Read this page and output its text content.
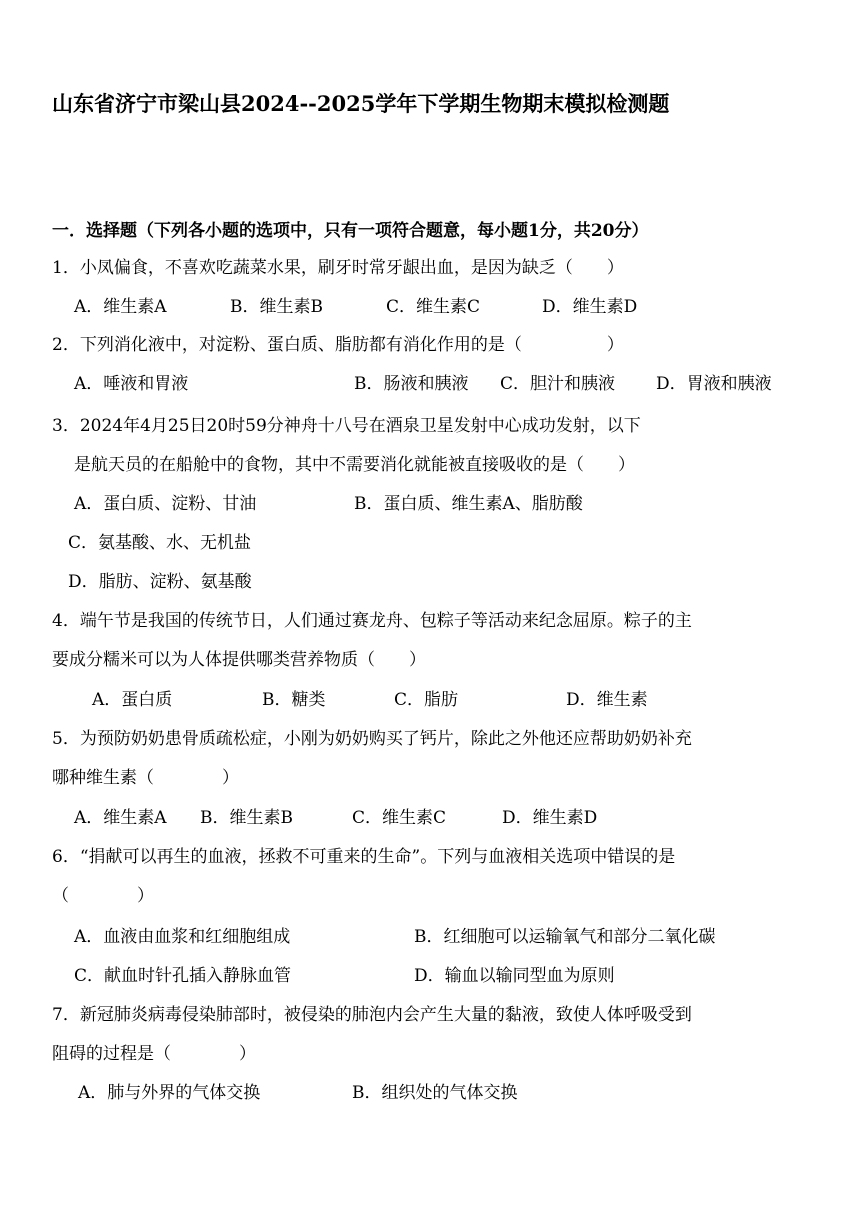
山东省济宁市梁山县2024--2025学年下学期生物期末模拟检测题
一．选择题（下列各小题的选项中，只有一项符合题意，每小题1分，共20分）
1．小凤偏食，不喜欢吃蔬菜水果，刷牙时常牙龈出血，是因为缺乏（　　）
A．维生素A	B．维生素B	C．维生素C	D．维生素D
2．下列消化液中，对淀粉、蛋白质、脂肪都有消化作用的是（　　　　　）
A．唾液和胃液	B．肠液和胰液 C．胆汁和胰液 D．胃液和胰液
3．2024年4月25日20时59分神舟十八号在酒泉卫星发射中心成功发射，以下
是航天员的在船舱中的食物，其中不需要消化就能被直接吸收的是（　　）
A．蛋白质、淀粉、甘油	B．蛋白质、维生素A、脂肪酸
C．氨基酸、水、无机盐
D．脂肪、淀粉、氨基酸
4．端午节是我国的传统节日，人们通过赛龙舟、包粽子等活动来纪念屈原。粽子的主
要成分糯米可以为人体提供哪类营养物质（　　）
A．蛋白质	B．糖类	C．脂肪	D．维生素
5．为预防奶奶患骨质疏松症，小刚为奶奶购买了钙片，除此之外他还应帮助奶奶补充
哪种维生素（　　　　）
A．维生素A B．维生素B	C．维生素C	D．维生素D
6．“捐献可以再生的血液，拯救不可重来的生命”。下列与血液相关选项中错误的是
（　　　　）
A．血液由血浆和红细胞组成	B．红细胞可以运输氧气和部分二氧化碳
C．献血时针孔插入静脉血管	D．输血以输同型血为原则
7．新冠肺炎病毒侵染肺部时，被侵染的肺泡内会产生大量的黏液，致使人体呼吸受到
阻碍的过程是（　　　　）
A．肺与外界的气体交换	B．组织处的气体交换
